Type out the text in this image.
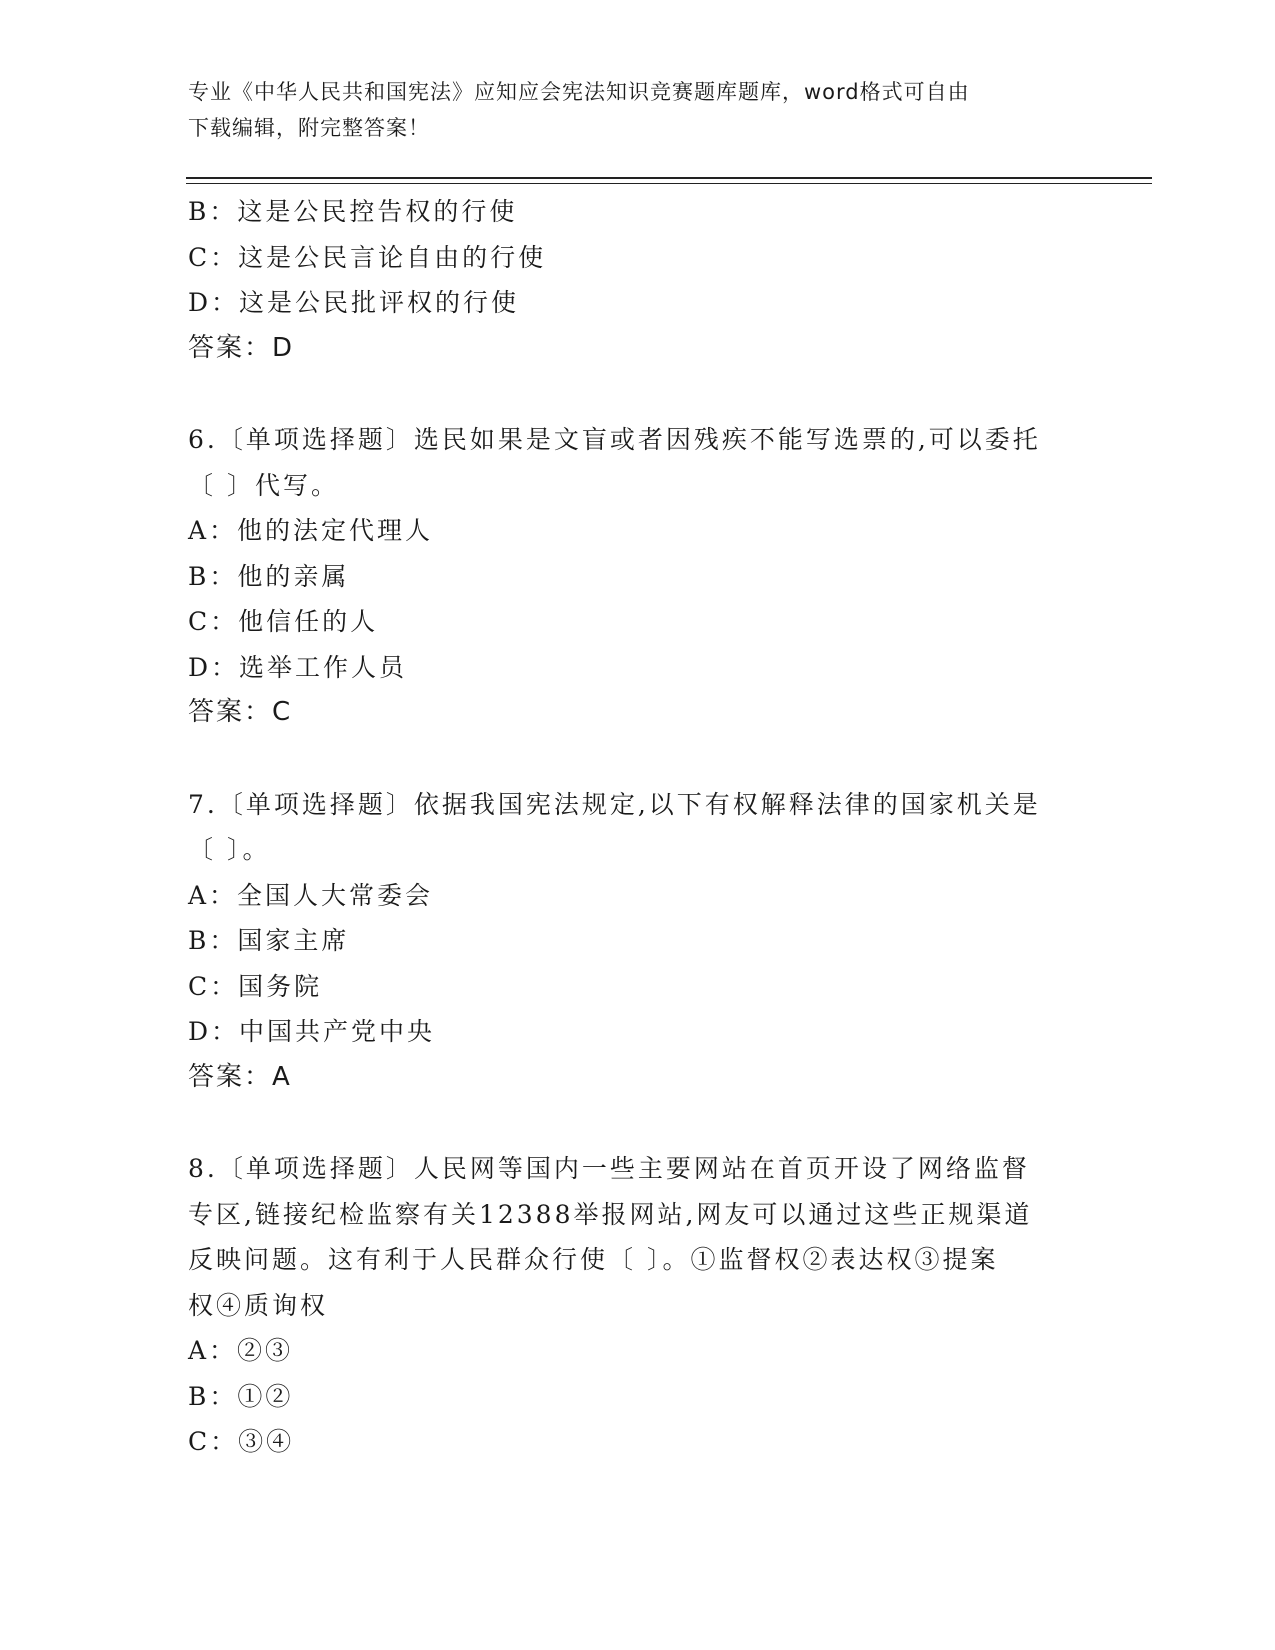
专业《中华人民共和国宪法》应知应会宪法知识竞赛题库题库，word格式可自由
下载编辑，附完整答案！

B：这是公民控告权的行使

C：这是公民言论自由的行使

D：这是公民批评权的行使

答案：D

6.〔单项选择题〕选民如果是文盲或者因残疾不能写选票的,可以委托

〔 〕代写。

A：他的法定代理人

B：他的亲属

C：他信任的人

D：选举工作人员

答案：C

7.〔单项选择题〕依据我国宪法规定,以下有权解释法律的国家机关是

〔 〕。

A：全国人大常委会

B：国家主席

C：国务院

D：中国共产党中央

答案：A

8.〔单项选择题〕人民网等国内一些主要网站在首页开设了网络监督

专区,链接纪检监察有关12388举报网站,网友可以通过这些正规渠道

反映问题。这有利于人民群众行使〔 〕。①监督权②表达权③提案

权④质询权

A：②③

B：①②

C：③④
